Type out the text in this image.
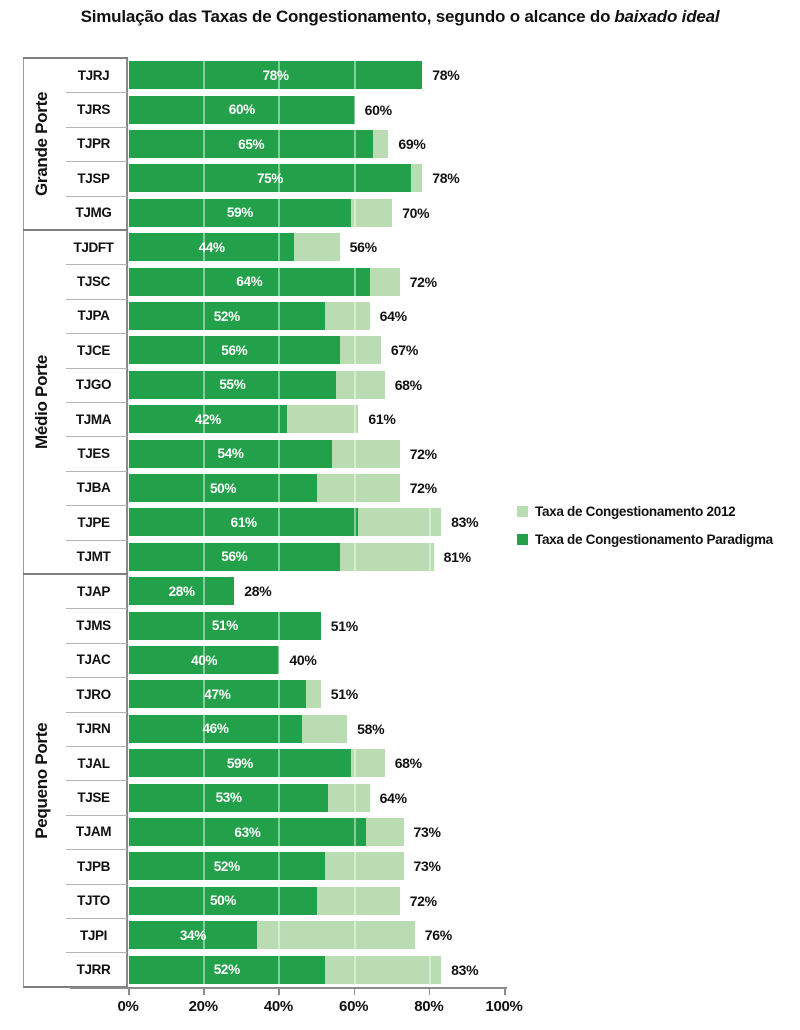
Simulação das Taxas de Congestionamento, segundo o alcance do baixado ideal
Grande Porte
TJRJ	78%	78%
TJRS	60%	60%
TJPR	65%	69%
TJSP	75%	78%
TJMG	59%	70%
Médio Porte
TJDFT	44%	56%
TJSC	64%	72%
TJPA	52%	64%
TJCE	56%	67%
TJGO	55%	68%
TJMA	42%	61%
TJES	54%	72%
TJBA	50%	72%
TJPE	61%	83%
TJMT	56%	81%
Pequeno Porte
TJAP	28%	28%
TJMS	51%	51%
TJAC	40%	40%
TJRO	47%	51%
TJRN	46%	58%
TJAL	59%	68%
TJSE	53%	64%
TJAM	63%	73%
TJPB	52%	73%
TJTO	50%	72%
TJPI	34%	76%
TJRR	52%	83%
0%	20%	40%	60%	80%	100%
Taxa de Congestionamento 2012
Taxa de Congestionamento Paradigma
